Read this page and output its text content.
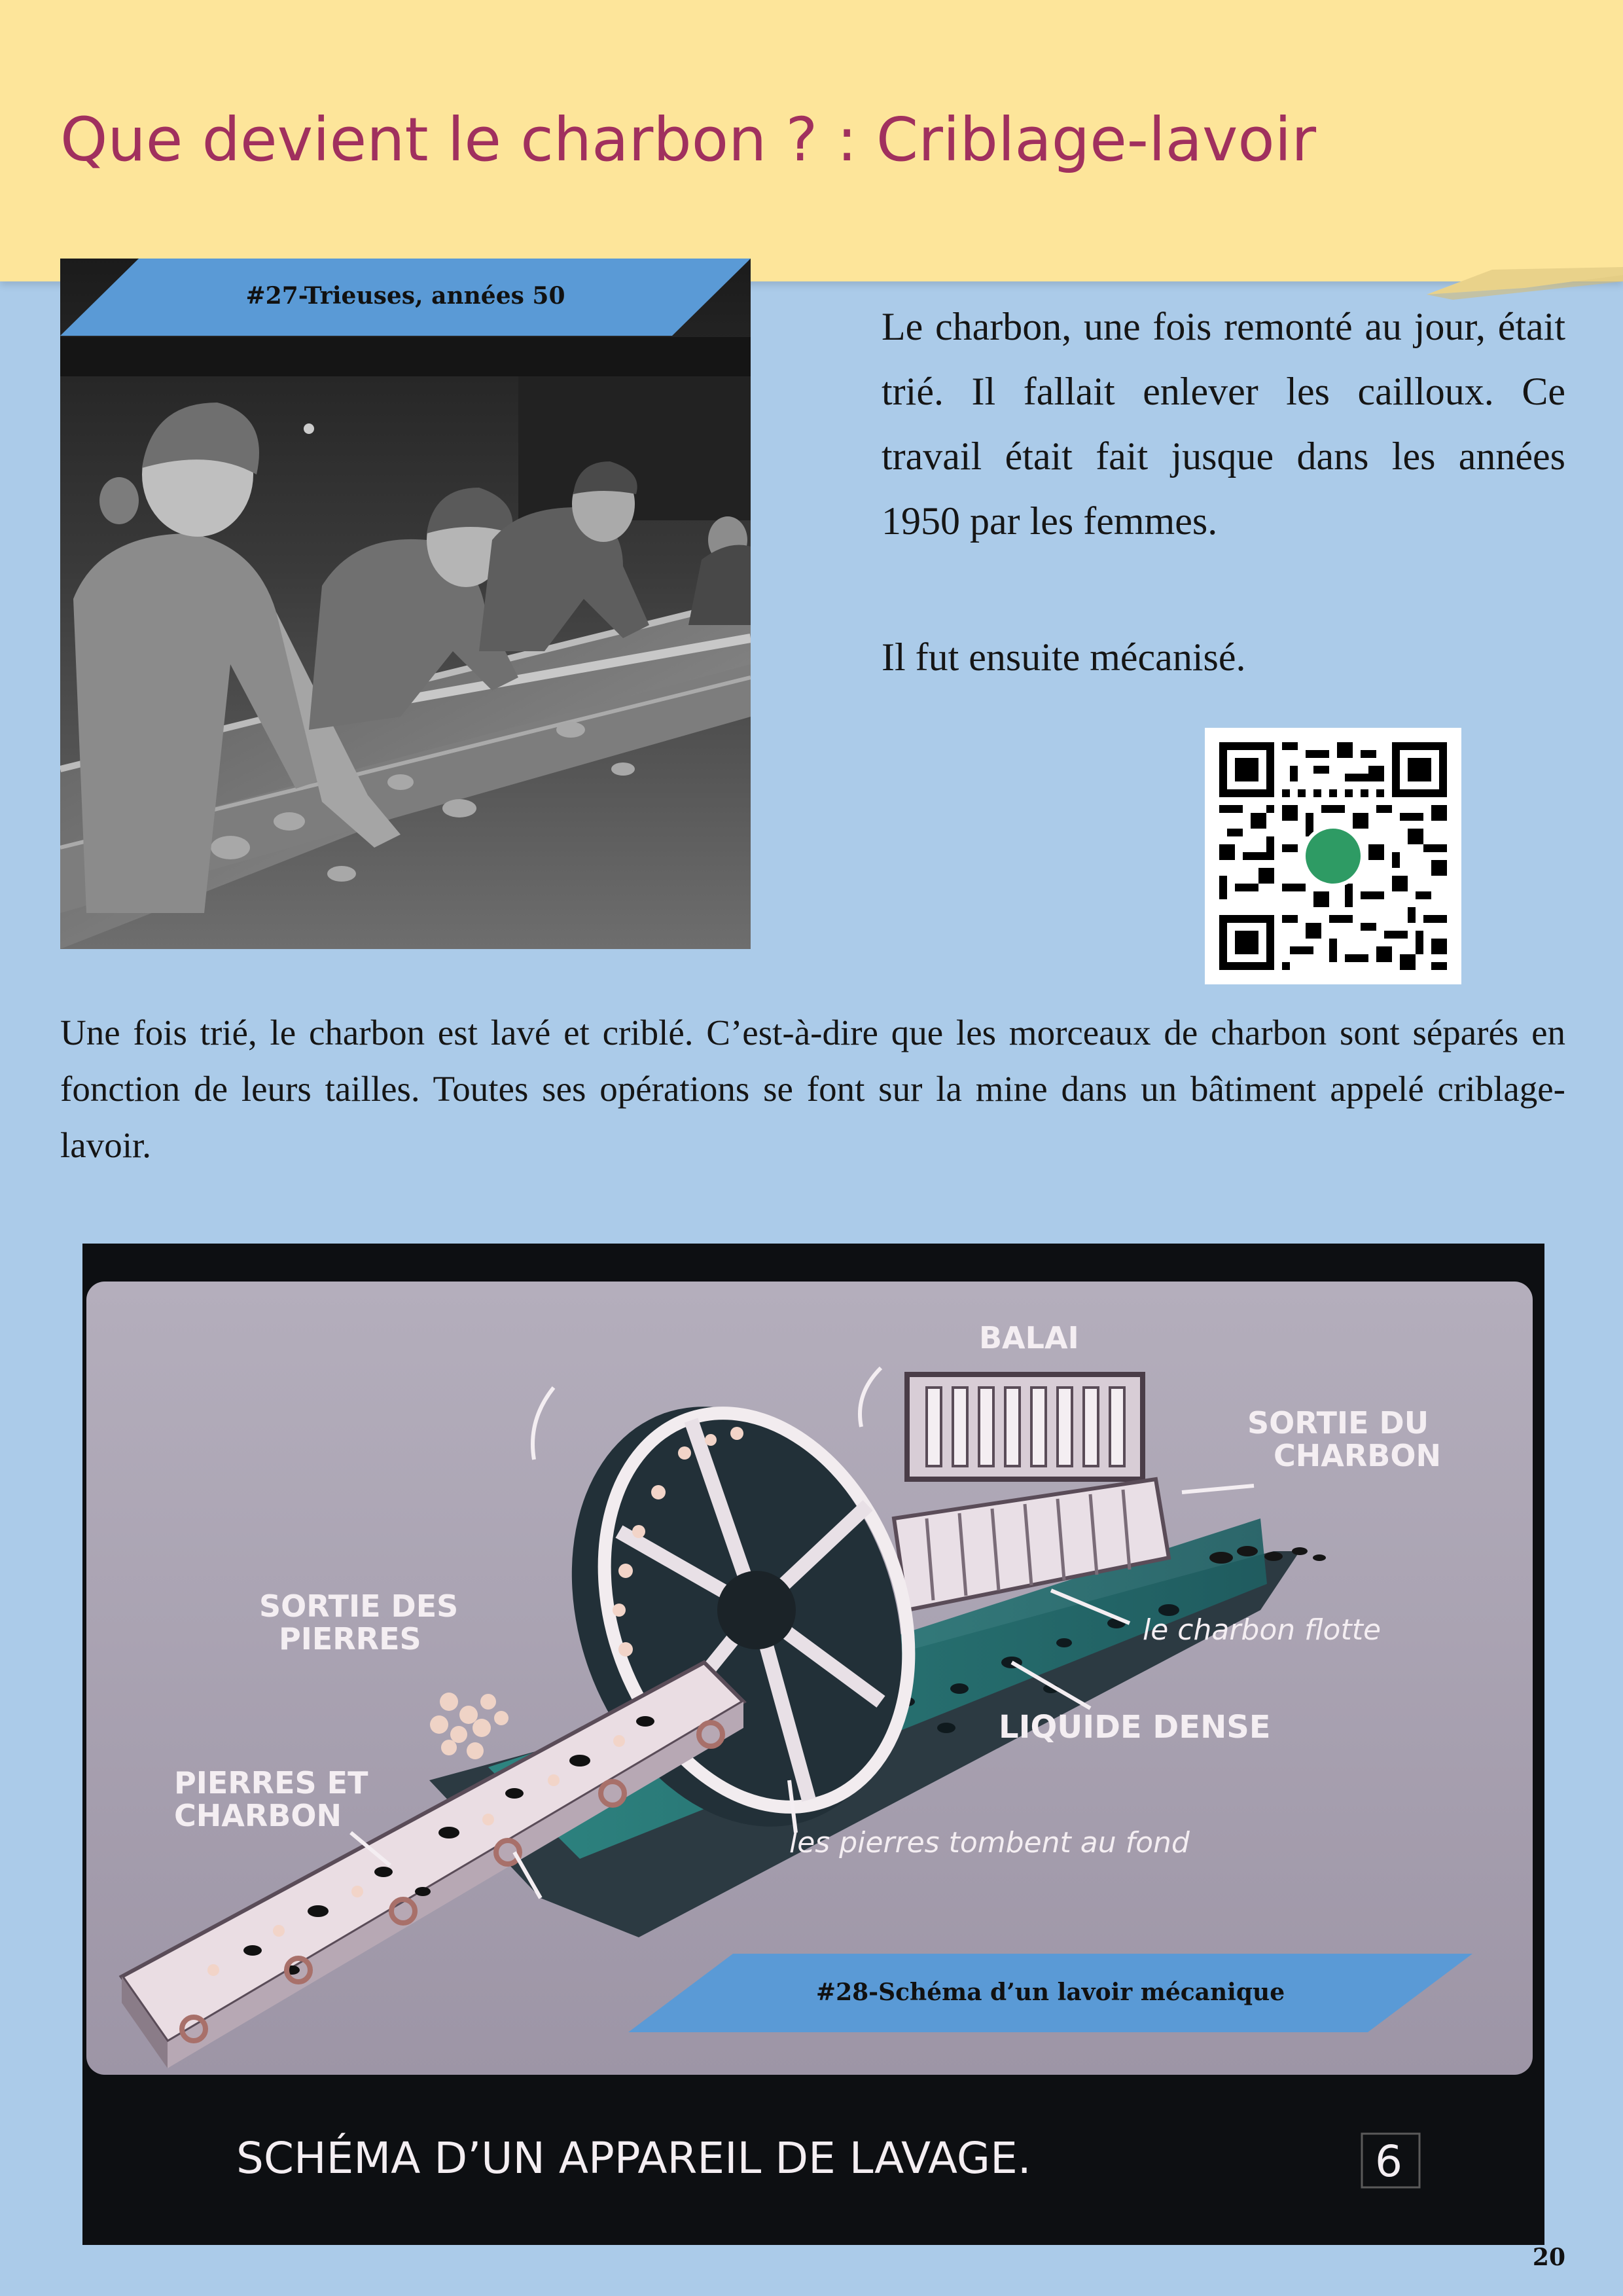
Que devient le charbon ? : Criblage-lavoir
#27-Trieuses, années 50

Le charbon, une fois remonté au jour, était trié. Il fallait enlever les cailloux. Ce travail était fait jusque dans les années 1950 par les femmes.

Il fut ensuite mécanisé.

Une fois trié, le charbon est lavé et criblé. C’est-à-dire que les morceaux de charbon sont séparés en fonction de leurs tailles. Toutes ses opérations se font sur la mine dans un bâtiment appelé criblage-lavoir.

BALAI
SORTIE DU
CHARBON
SORTIE DES
PIERRES
PIERRES ET
CHARBON
le charbon flotte
LIQUIDE DENSE
les pierres tombent au fond
SCHÉMA D’UN APPAREIL DE LAVAGE.	6
#28-Schéma d’un lavoir mécanique
20
